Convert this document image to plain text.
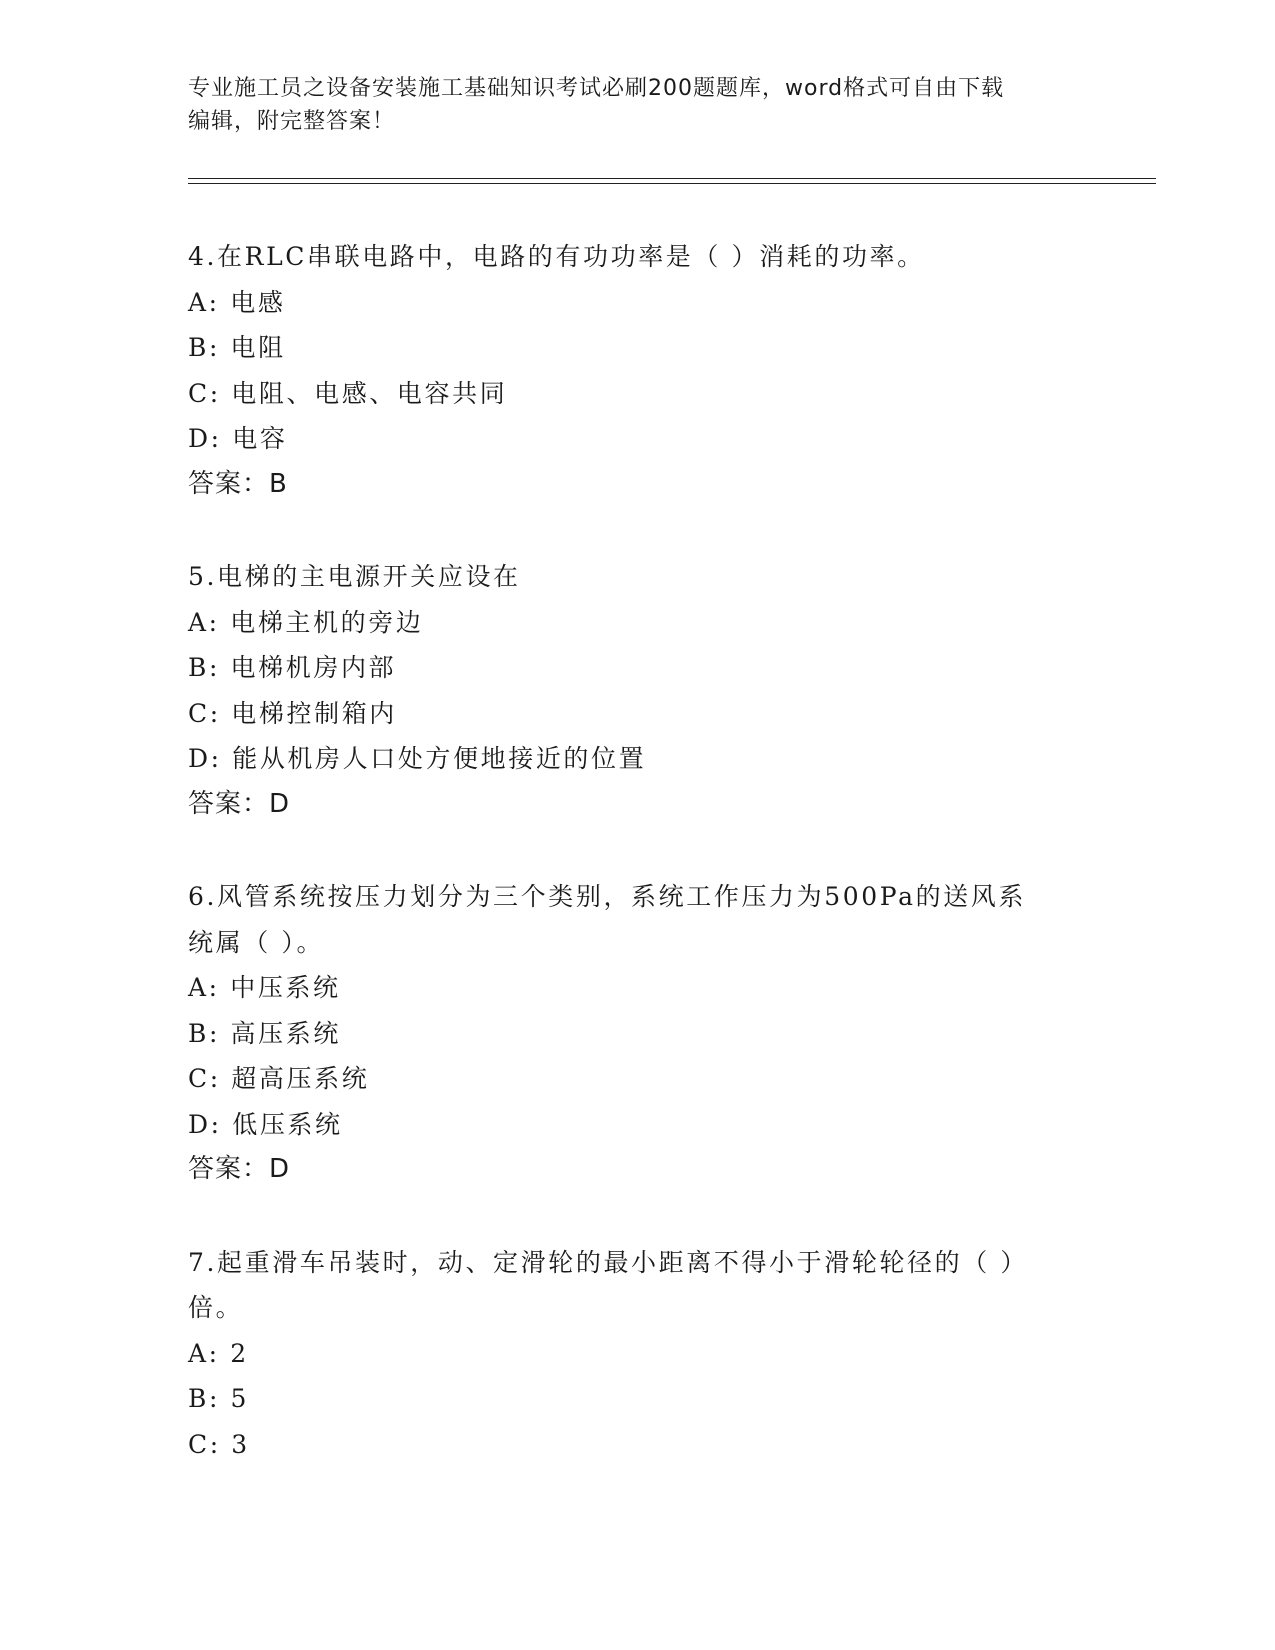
专业施工员之设备安装施工基础知识考试必刷200题题库，word格式可自由下载
编辑，附完整答案！
4.在RLC串联电路中，电路的有功功率是（ ）消耗的功率。
A: 电感
B: 电阻
C: 电阻、电感、电容共同
D: 电容
答案：B
5.电梯的主电源开关应设在
A: 电梯主机的旁边
B: 电梯机房内部
C: 电梯控制箱内
D: 能从机房人口处方便地接近的位置
答案：D
6.风管系统按压力划分为三个类别，系统工作压力为500Pa的送风系
统属（ ）。
A: 中压系统
B: 高压系统
C: 超高压系统
D: 低压系统
答案：D
7.起重滑车吊装时，动、定滑轮的最小距离不得小于滑轮轮径的（ ）
倍。
A: 2
B: 5
C: 3
